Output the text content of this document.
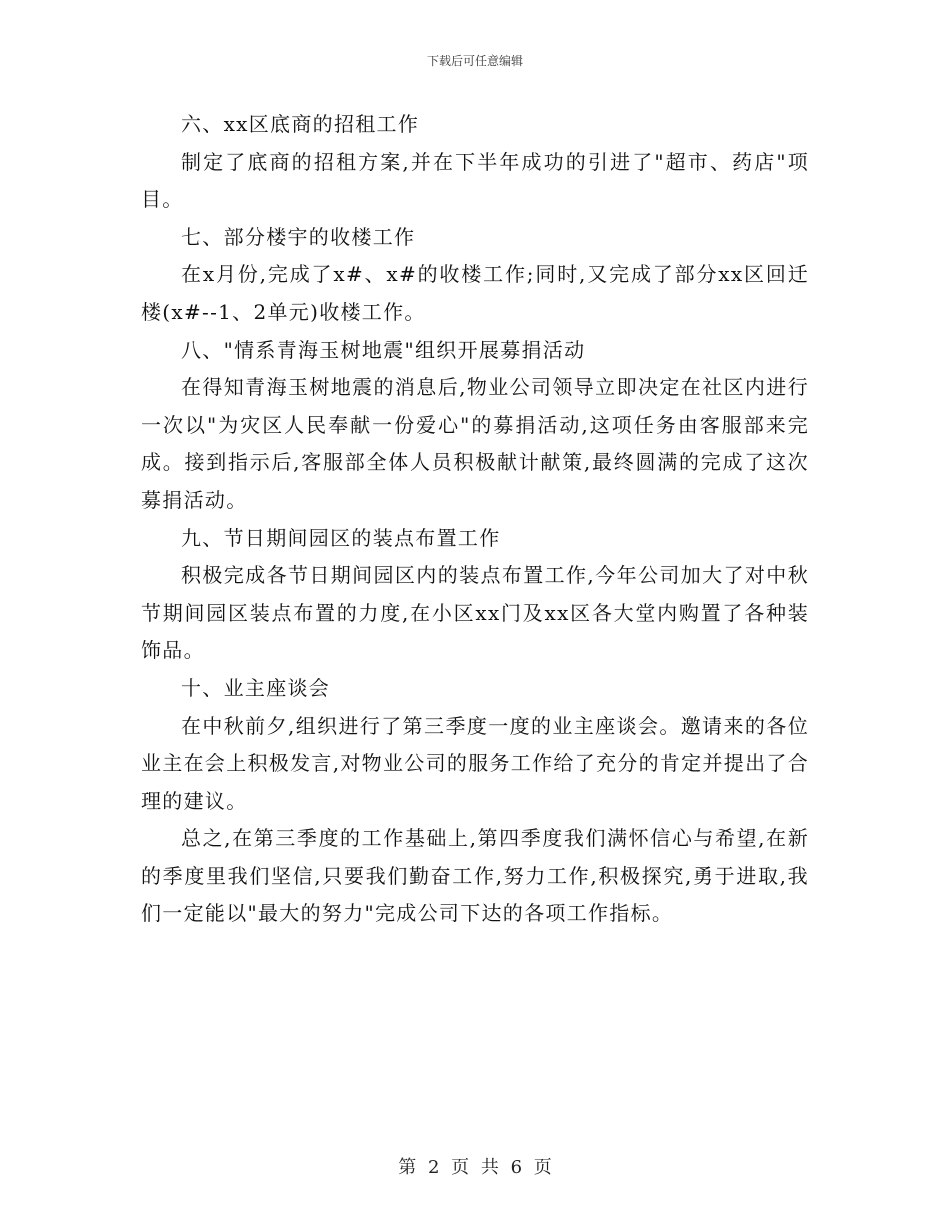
下载后可任意编辑

六、xx区底商的招租工作

制定了底商的招租方案,并在下半年成功的引进了"超市、药店"项目。

七、部分楼宇的收楼工作

在x月份,完成了x#、x#的收楼工作;同时,又完成了部分xx区回迁楼(x#--1、2单元)收楼工作。

八、"情系青海玉树地震"组织开展募捐活动

在得知青海玉树地震的消息后,物业公司领导立即决定在社区内进行一次以"为灾区人民奉献一份爱心"的募捐活动,这项任务由客服部来完成。接到指示后,客服部全体人员积极献计献策,最终圆满的完成了这次募捐活动。

九、节日期间园区的装点布置工作

积极完成各节日期间园区内的装点布置工作,今年公司加大了对中秋节期间园区装点布置的力度,在小区xx门及xx区各大堂内购置了各种装饰品。

十、业主座谈会

在中秋前夕,组织进行了第三季度一度的业主座谈会。邀请来的各位业主在会上积极发言,对物业公司的服务工作给了充分的肯定并提出了合理的建议。

总之,在第三季度的工作基础上,第四季度我们满怀信心与希望,在新的季度里我们坚信,只要我们勤奋工作,努力工作,积极探究,勇于进取,我们一定能以"最大的努力"完成公司下达的各项工作指标。

第 2 页 共 6 页
